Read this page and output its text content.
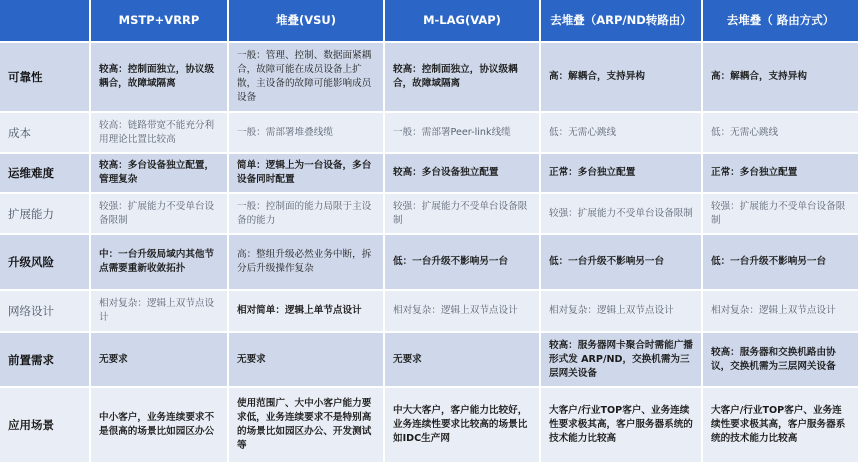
	MSTP+VRRP	堆叠(VSU)	M-LAG(VAP)	去堆叠（ARP/ND转路由）	去堆叠（ 路由方式）
可靠性	较高：控制面独立，协议级耦合，故障域隔离	一般：管理、控制、数据面紧耦合，故障可能在成员设备上扩散，主设备的故障可能影响成员设备	较高：控制面独立，协议级耦合，故障域隔离	高：解耦合，支持异构	高：解耦合，支持异构
成本	较高：链路带宽不能充分利用理论比置比较高	一般：需部署堆叠线缆	一般：需部署Peer-link线缆	低：无需心跳线	低：无需心跳线
运维难度	较高：多台设备独立配置，管理复杂	简单：逻辑上为一台设备，多台设备同时配置	较高：多台设备独立配置	正常：多台独立配置	正常：多台独立配置
扩展能力	较强：扩展能力不受单台设备限制	一般：控制面的能力局限于主设备的能力	较强：扩展能力不受单台设备限制	较强：扩展能力不受单台设备限制	较强：扩展能力不受单台设备限制
升级风险	中：一台升级局域内其他节点需要重新收敛拓扑	高：整组升级必然业务中断，拆分后升级操作复杂	低：一台升级不影响另一台	低：一台升级不影响另一台	低：一台升级不影响另一台
网络设计	相对复杂：逻辑上双节点设计	相对简单：逻辑上单节点设计	相对复杂：逻辑上双节点设计	相对复杂：逻辑上双节点设计	相对复杂：逻辑上双节点设计
前置需求	无要求	无要求	无要求	较高：服务器网卡聚合时需能广播形式发 ARP/ND，交换机需为三层网关设备	较高：服务器和交换机路由协议，交换机需为三层网关设备
应用场景	中小客户，业务连续要求不是很高的场景比如园区办公	使用范围广、大中小客户能力要求低，业务连续要求不是特别高的场景比如园区办公、开发测试等	中大大客户，客户能力比较好，业务连续性要求比较高的场景比如IDC生产网	大客户/行业TOP客户、业务连续性要求极其高，客户服务器系统的技术能力比较高	大客户/行业TOP客户、业务连续性要求极其高，客户服务器系统的技术能力比较高
